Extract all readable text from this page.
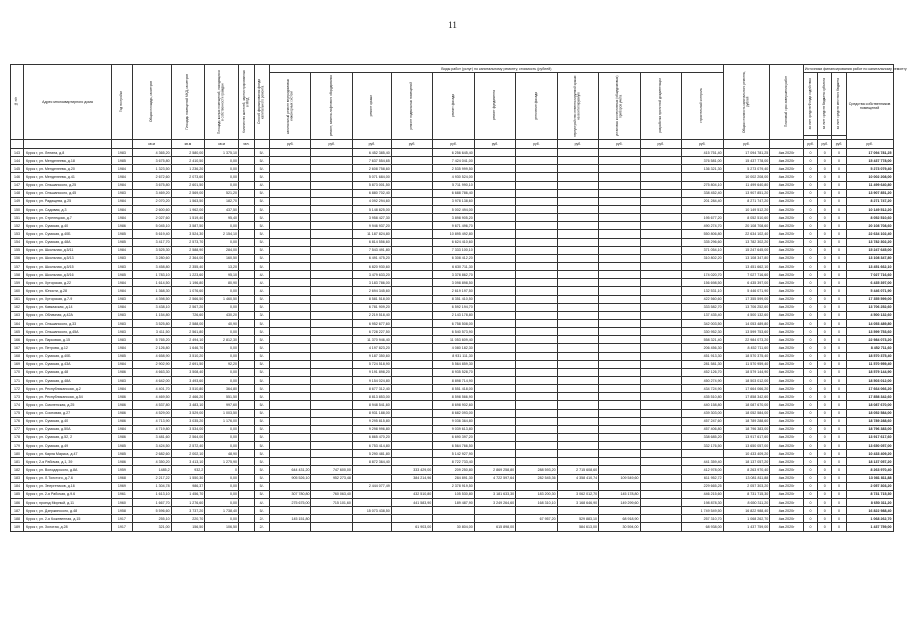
11
№ п/п	Адрес многоквартирного дома	Год постройки	Общая площадь, кв.метров	Площадь помещений МКД, кв.метров	Площадь жилых помещений, находящихся в собственности граждан	Количество жителей, зарегистрированных в МКД	Способ формирования фонда капитального ремонта	Виды работ (услуг) по капитальному ремонту, стоимость (рублей)											Общая стоимость капитального ремонта, рублей	Плановый срок завершения работ	Источники финансирования работ по капитальному ремонту				
								капитальный ремонт внутридомовых инженерных систем	ремонт, замена лифтового оборудования	ремонт крыши	ремонт подвальных помещений	ремонт фасада	ремонт фундамента	утепление фасада	переустройство невентилируемой крыши на вентилируемую	установка коллективных (общедомовых) приборов учета	разработка проектной документации	строительный контроль			за счет средств Фонда содействия	за счет средств бюджета субъекта	за счет средств местного бюджета	Средства собственников помещений	

			кв.м	кв.м	кв.м	чел.		руб.	руб.	руб.	руб.	руб.	руб.	руб.	руб.	руб.	руб.	руб.	руб.		руб.	руб.	руб.	руб.	
143	Курск г, ул. Ленина, д.8	1983	4 365,20	2 580,00	1 375,10		5/-			6 452 385,40		6 256 645,40						415 751,40	17 094 781,25	4кв.2020г	0	0	0	17 094 781,25	
144	Курск г, ул. Менделеева, д.18	1985	3 675,80	2 410,50	0,00		5/-			7 637 554,65		7 424 041,00						376 581,00	15 437 778,00	4кв.2020г	0	0	0	15 437 778,00	
145	Курск г, ул. Менделеева, д.20	1984	1 323,50	1 236,20	0,00		5/-			2 608 758,60		2 535 999,50						136 321,30	5 273 079,40	4кв.2020г	0	0	0	5 273 079,40	
146	Курск г, ул. Менделеева, д.41	1984	2 672,60	2 073,60	0,00		5/-			5 071 684,00		4 930 524,00							10 002 208,00	4кв.2020г	0	0	0	10 002 208,00	
147	Курск г, ул. Ольшанского, д.25	1984	3 675,80	2 601,50	0,00		4/-			5 873 001,50		5 711 990,10						275 804,10	11 499 640,80	4кв.2020г	0	0	0	11 499 640,80	
148	Курск г, ул. Ольшанского, д.45	1983	3 469,20	2 569,00	521,20		5/-			6 880 702,40		6 688 786,40						338 452,40	13 907 851,20	4кв.2020г	0	0	0	13 907 851,20	
149	Курск г, ул. Радищева, д.25	1984	2 070,20	1 563,50	182,70		5/-			4 092 294,60		3 978 138,60						201 284,40	8 271 747,20	4кв.2020г	0	0	0	8 271 747,20	
150	Курск г, ул. Садовая, д.3	1984	2 600,60	1 962,00	437,50		5/-			5 148 825,00		5 002 494,00							10 149 512,20	4кв.2020г	0	0	0	10 149 512,20	
151	Курск г, ул. Стрелецкая, д.7	1984	2 027,60	1 519,40	95,40		5/-			3 958 427,30		3 898 905,20						195 677,20	8 052 510,60	4кв.2020г	0	0	0	8 052 510,60	
152	Курск г, ул. Сумская, д.40	1986	5 045,10	3 587,50	0,00		5/-			9 946 937,20		9 671 496,70						490 274,70	20 108 708,60	4кв.2020г	0	0	0	20 108 708,60	
153	Курск г, ул. Сумская, д.40Б	1985	5 619,40	3 524,30	2 154,10		5/-			11 187 824,80		10 895 492,80						550 806,80	22 634 102,40	4кв.2020г	0	0	0	22 634 102,40	
154	Курск г, ул. Сумская, д.48А	1985	3 417,70	2 573,70	0,00		5/-			6 814 556,60		6 624 410,60						335 296,60	13 782 302,20	4кв.2020г	0	0	0	13 782 302,20	
155	Курск г, ул. Школьная, д.5/11	1984	3 525,30	2 588,90	284,00		5/-			7 543 491,80		7 333 100,10						371 054,10	15 247 645,00	4кв.2020г	0	0	0	15 247 645,00	
156	Курск г, ул. Школьная, д.5/13	1983	3 280,60	2 364,00	160,50		5/-			6 491 475,20		6 308 412,20						310 802,20	13 108 347,80	4кв.2020г	0	0	0	13 108 347,80	
157	Курск г, ул. Школьная, д.5/15	1983	3 458,80	2 355,40	13,20		5/-			6 820 930,60		6 630 711,30							13 451 662,10	4кв.2020г	0	0	0	13 451 662,10	
158	Курск г, ул. Школьная, д.5/16	1985	1 783,10	1 223,60	95,10		4/-			3 479 633,20		3 378 862,70						174 020,70	7 027 716,60	4кв.2020г	0	0	0	7 027 716,60	
159	Курск г, ул. Хуторская, д.22	1984	1 614,50	1 196,80	80,90		4/-			3 183 786,00		3 098 898,50						156 698,50	6 435 397,00	4кв.2020г	0	0	0	6 435 397,00	
160	Курск г, ул. Юности, д.28	1984	1 368,30	1 076,60	0,00		4/-			2 694 345,60		2 619 197,50						132 531,10	5 446 071,90	4кв.2020г	0	0	0	5 446 071,90	
161	Курск г, ул. Хуторская, д.7-9	1983	4 398,50	2 566,50	1 460,50		5/-			8 581 518,00		8 351 410,50						422 560,60	17 355 599,00	4кв.2020г	0	0	0	17 355 599,00	
162	Курск г, ул. Кавказская, д.14	1984	3 438,10	2 567,20	0,00		5/-			6 781 909,20		6 592 194,70						333 582,70	13 706 252,60	4кв.2020г	0	0	0	13 706 252,60	
163	Курск г, ул. Облачная, д.42А	1983	1 154,80	726,60	430,20		3/-			2 219 518,40		2 143 178,80						137 435,40	4 500 132,60	4кв.2020г	0	0	0	4 500 132,60	
164	Курск г, ул. Ольшанского, д.33	1983	3 525,80	2 588,00	40,90		5/-			6 952 677,60		6 758 508,00						342 003,50	14 053 489,80	4кв.2020г	0	0	0	14 053 489,80	
165	Курск г, ул. Ольшанского, д.45А	1983	3 411,50	2 561,80	0,00		5/-			6 728 227,50		6 540 573,90						330 952,30	13 599 753,60	4кв.2020г	0	0	0	13 599 753,60	
166	Курск г, ул. Парковая, д.15	1983	5 765,20	2 494,10	2 812,30		5/-			11 370 946,40		11 053 609,40						558 321,40	22 984 073,20	4кв.2020г	0	0	0	22 984 073,20	
167	Курск г, ул. Петрова, д.12	1984	2 126,80	1 646,70	0,00		5/-			4 197 823,20		4 080 182,30						206 456,30	8 452 711,60	4кв.2020г	0	0	0	8 452 711,60	
168	Курск г, ул. Сумская, д.40Б	1985	4 658,90	3 510,20	0,00		5/-			9 187 350,60		8 931 111,30						451 913,30	18 570 375,40	4кв.2020г	0	0	0	18 570 375,40	
169	Курск г, ул. Сумская, д.43А	1984	2 902,90	2 691,50	92,20		5/-			5 724 518,90		5 564 859,30						281 581,30	11 570 959,40	4кв.2020г	0	0	0	11 570 959,40	
170	Курск г, ул. Сумская, д.48	1986	4 663,30	3 508,40	0,00		5/-			9 191 898,20		8 935 528,70						452 126,70	18 579 144,90	4кв.2020г	0	0	0	18 579 144,90	
171	Курск г, ул. Сумская, д.48А	1983	4 642,00	3 493,60	0,00		5/-			9 154 024,80		8 898 714,90						450 274,90	18 503 012,00	4кв.2020г	0	0	0	18 503 012,00	
172	Курск г, ул. Республиканская, д.2	1984	4 401,70	3 510,80	364,80		5/-			8 677 312,40		8 551 418,00						434 724,90	17 664 066,20	4кв.2020г	0	0	0	17 664 066,20	
173	Курск г, ул. Республиканская, д.54	1986	4 469,50	2 466,20	551,50		5/-			8 813 853,00		8 598 566,90						435 510,80	17 858 342,60	4кв.2020г	0	0	0	17 858 342,60	
174	Курск г, ул. Смоленская, д.25	1986	4 537,80	3 483,10	997,60		5/-			8 948 541,60		8 698 902,60						440 158,80	18 087 670,00	4кв.2020г	0	0	0	18 087 670,00	
175	Курск г, ул. Сосновая, д.27	1986	4 529,00	3 529,00	1 003,50		5/-			8 931 188,00		8 682 093,00						439 303,00	18 052 584,00	4кв.2020г	0	0	0	18 052 584,00	
176	Курск г, ул. Сумская, д.40	1986	4 713,90	3 035,20	1 176,00		5/-			9 295 815,80		9 036 364,80						457 247,60	18 789 288,60	4кв.2020г	0	0	0	18 789 288,60	
177	Курск г, ул. Сумская, д.50А	1984	4 719,80	3 534,00	0,00		5/-			9 298 996,80		9 039 613,80						457 406,80	18 796 383,00	4кв.2020г	0	0	0	18 796 383,00	
178	Курск г, ул. Сумская, д.52, 2	1986	3 481,60	2 564,00	0,00		5/-			6 865 470,20		6 690 397,20						338 685,20	13 917 617,60	4кв.2020г	0	0	0	13 917 617,60	
179	Курск г, ул. Сумская, д.49	1985	3 424,50	2 572,40	0,00		5/-			6 753 414,80		6 564 766,50						332 176,50	13 650 057,00	4кв.2020г	0	0	0	13 650 057,00	
180	Курск г, ул. Карла Маркса, д.47	1985	2 682,60	2 002,10	48,90		5/-			5 290 481,80		5 142 927,90							10 433 409,20	4кв.2020г	0	0	0	10 433 409,20	
181	Курск г, 2-я Рабочая, д.1, 39	1986	4 350,20	3 413,10	1 275,90		5/-			8 872 364,40		8 722 733,40						441 359,40	18 137 057,20	4кв.2020г	0	0	0	18 137 057,20	
182	Курск г, ул. Володарского, д.8А	1959	1485,2	932,2	0		5/-	644 431,20	747 600,00		333 429,00	209 250,80	2 869 258,80	288 593,20	2 715 608,60			412 978,00	8 263 970,40	4кв.2020г	0	0	0	8 263 970,40	
183	Курск г, ул. Л.Толстого, д.7.6	1968	2 217,22	1 550,30	0,00		5/-	905 526,10	952 273,48		384 214,96	284 891,30	4 722 597,64	282 545,36	4 358 410,74	109 549,60		611 952,72	13 081 811,88	4кв.2020г	0	0	0	13 081 811,88	
184	Курск г, ул. Энергетиков, д.16	1969	1 304,78	986,37	0,00		5/-			2 444 077,49		2 378 919,50						229 665,25	2 057 303,20	4кв.2020г	0	0	0	2 057 303,20	
185	Курск г, ул. 2-я Рабочая, д.9.6	1961	1 613,10	1 456,70	0,00		5/-	307 780,80	760 063,40		432 510,80	105 530,80	3 181 633,30	183 200,30	3 062 012,70	145 178,80		446 215,60	8 731 715,30	4кв.2020г	0	0	0	8 731 715,30	
186	Курск г, проезд Мирный, д.11	1960	1 667,70	1 276,60	0,00		4/-	275 675,00	715 101,60		441 583,90	189 487,90	3 249 264,60	168 310,10	3 168 646,90	149 299,60		198 878,30	8 650 311,20	4кв.2020г	0	0	0	8 650 311,20	
187	Курск г, ул. Дзержинского, д.48	1958	5 596,60	3 737,20	1 738,40		5/-			15 073 438,50								1 749 549,50	16 822 988,40	4кв.2020г	0	0	0	16 822 988,40	
188	Курск г, ул. 2-я Кожевенная, д.15	1917	255,10	220,70	0,00		2/-	145 151,80						67 957,20	529 883,10	68 918,90		257 310,70	1 068 262,70	4кв.2020г	0	0	0	1 068 262,70	
189	Курск г, ул. Золотая, д.28	1917	321,00	156,50	106,50		2/-				61 903,00	30 804,00	615 898,00		584 613,00	30 594,00		68 938,00	1 437 759,00	4кв.2020г	0	0	0	1 437 759,00	
